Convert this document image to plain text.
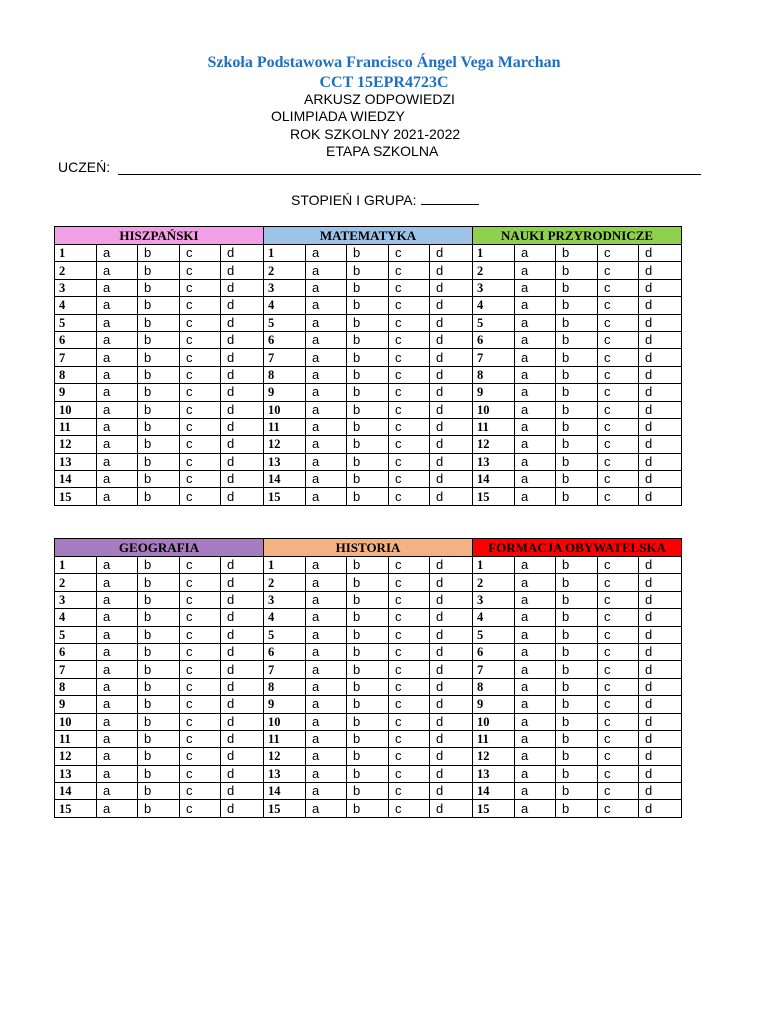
Szkoła Podstawowa Francisco Ángel Vega Marchan
CCT 15EPR4723C
ARKUSZ ODPOWIEDZI
OLIMPIADA WIEDZY
ROK SZKOLNY 2021-2022
ETAPA SZKOLNA
UCZEŃ:
STOPIEŃ I GRUPA:
HISZPAŃSKI					MATEMATYKA					NAUKI PRZYRODNICZE				
1	a	b	c	d	1	a	b	c	d	1	a	b	c	d
2	a	b	c	d	2	a	b	c	d	2	a	b	c	d
3	a	b	c	d	3	a	b	c	d	3	a	b	c	d
4	a	b	c	d	4	a	b	c	d	4	a	b	c	d
5	a	b	c	d	5	a	b	c	d	5	a	b	c	d
6	a	b	c	d	6	a	b	c	d	6	a	b	c	d
7	a	b	c	d	7	a	b	c	d	7	a	b	c	d
8	a	b	c	d	8	a	b	c	d	8	a	b	c	d
9	a	b	c	d	9	a	b	c	d	9	a	b	c	d
10	a	b	c	d	10	a	b	c	d	10	a	b	c	d
11	a	b	c	d	11	a	b	c	d	11	a	b	c	d
12	a	b	c	d	12	a	b	c	d	12	a	b	c	d
13	a	b	c	d	13	a	b	c	d	13	a	b	c	d
14	a	b	c	d	14	a	b	c	d	14	a	b	c	d
15	a	b	c	d	15	a	b	c	d	15	a	b	c	d
GEOGRAFIA					HISTORIA					FORMACJA OBYWATELSKA				
1	a	b	c	d	1	a	b	c	d	1	a	b	c	d
2	a	b	c	d	2	a	b	c	d	2	a	b	c	d
3	a	b	c	d	3	a	b	c	d	3	a	b	c	d
4	a	b	c	d	4	a	b	c	d	4	a	b	c	d
5	a	b	c	d	5	a	b	c	d	5	a	b	c	d
6	a	b	c	d	6	a	b	c	d	6	a	b	c	d
7	a	b	c	d	7	a	b	c	d	7	a	b	c	d
8	a	b	c	d	8	a	b	c	d	8	a	b	c	d
9	a	b	c	d	9	a	b	c	d	9	a	b	c	d
10	a	b	c	d	10	a	b	c	d	10	a	b	c	d
11	a	b	c	d	11	a	b	c	d	11	a	b	c	d
12	a	b	c	d	12	a	b	c	d	12	a	b	c	d
13	a	b	c	d	13	a	b	c	d	13	a	b	c	d
14	a	b	c	d	14	a	b	c	d	14	a	b	c	d
15	a	b	c	d	15	a	b	c	d	15	a	b	c	d
